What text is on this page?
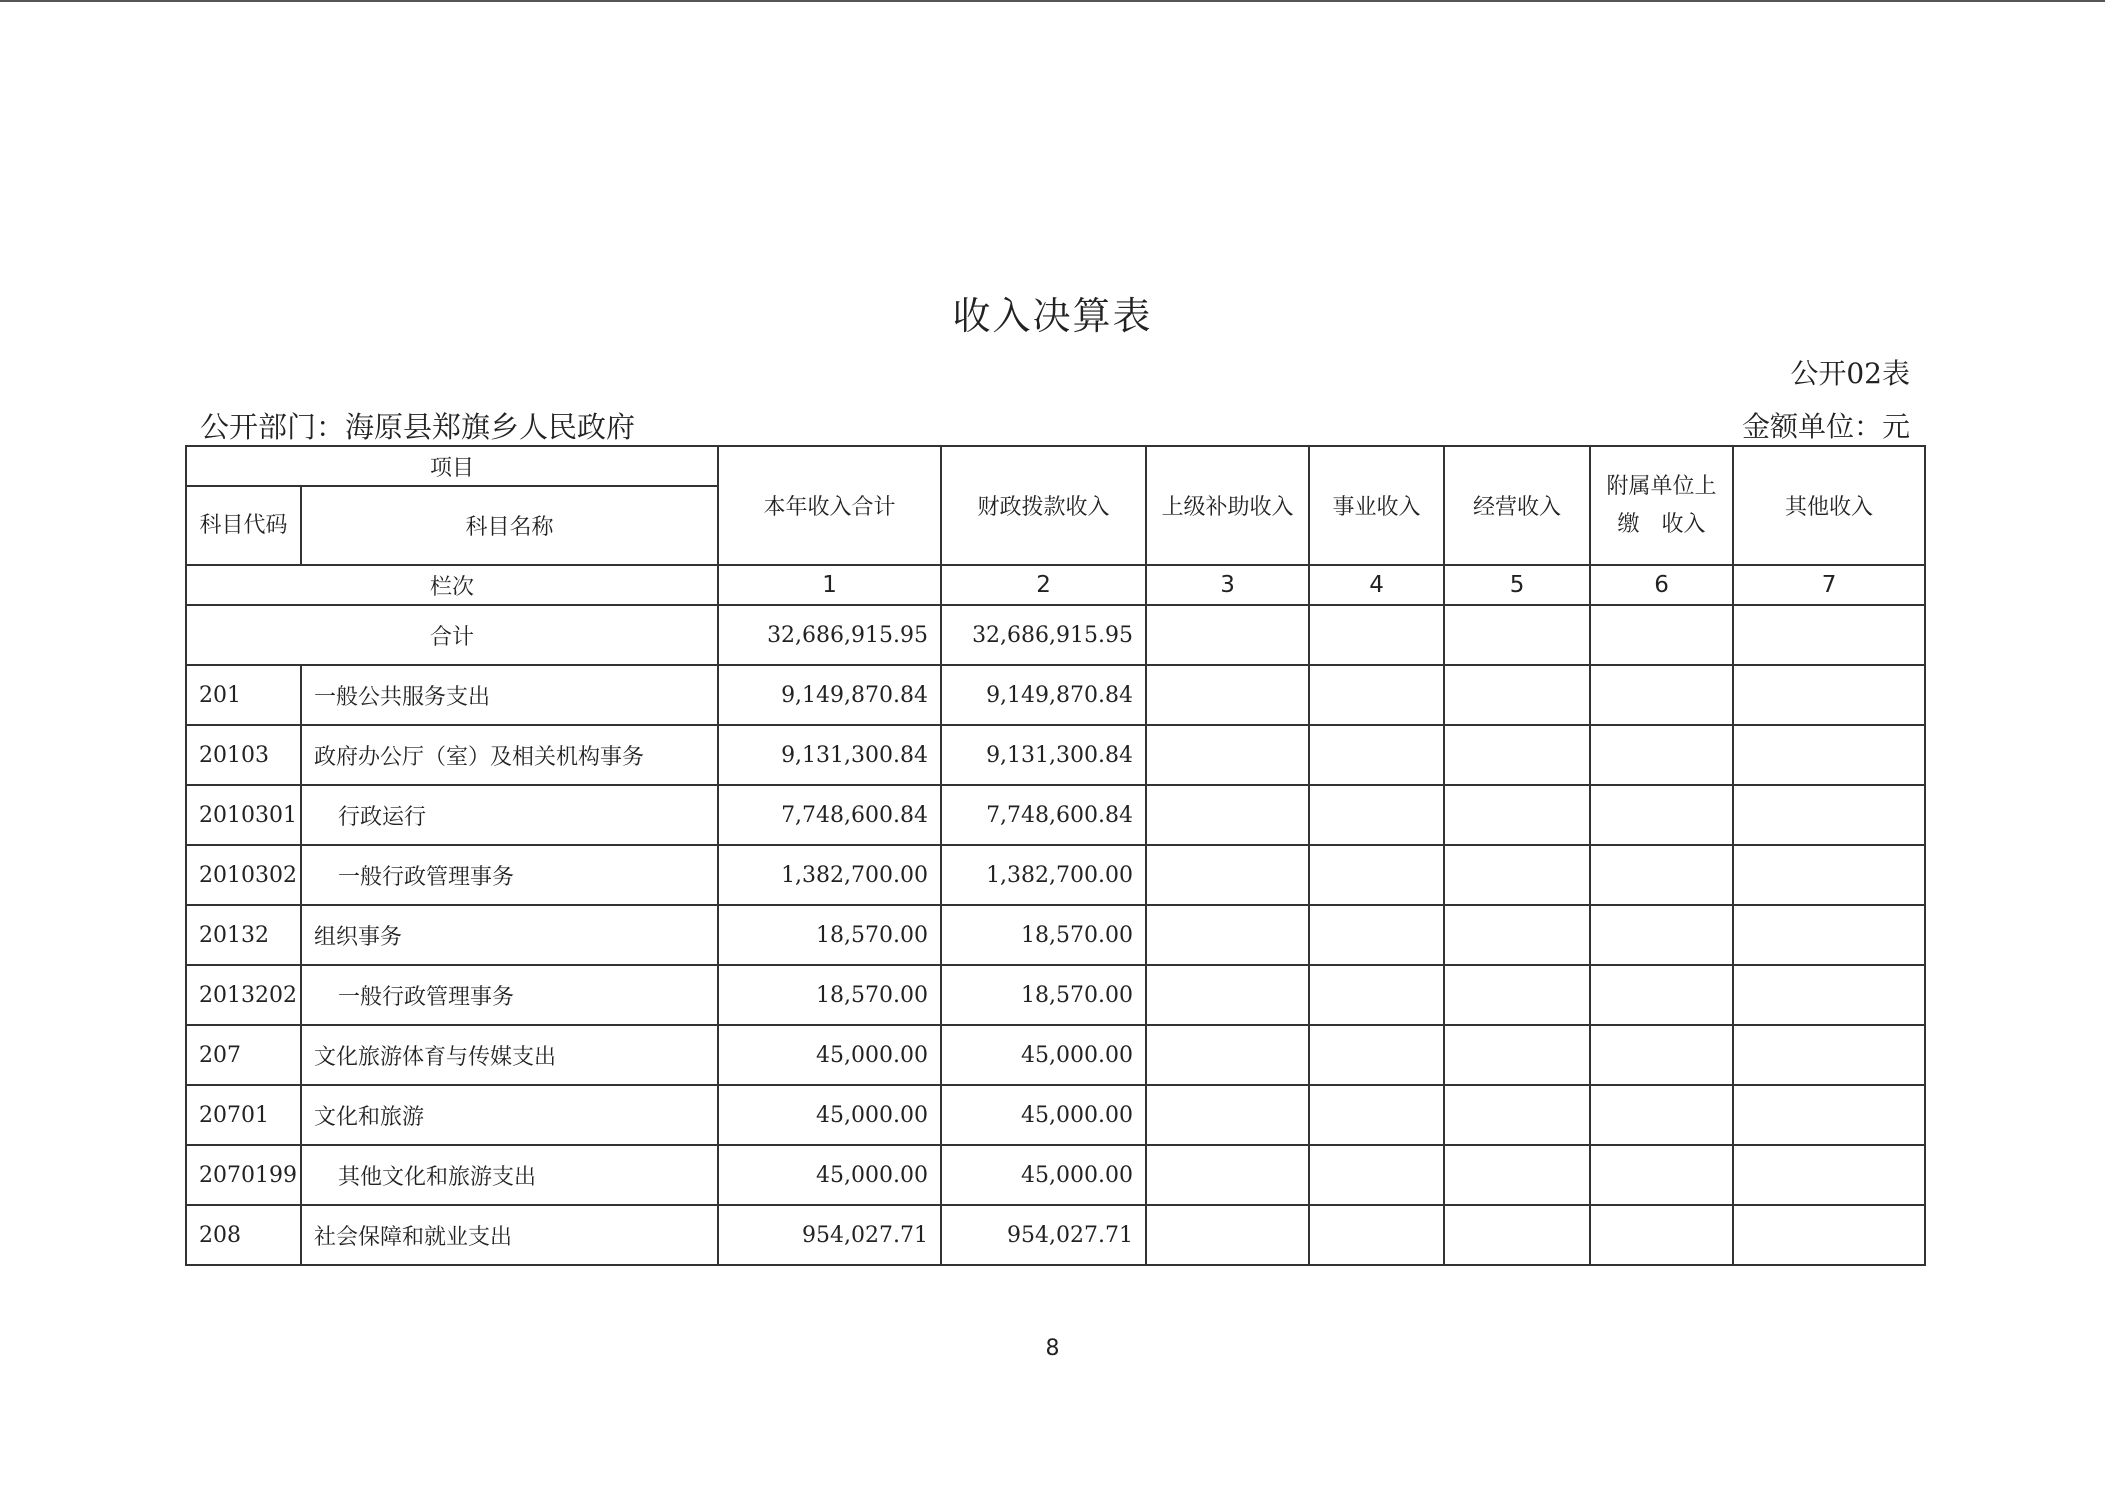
收入决算表
公开02表
公开部门：海原县郑旗乡人民政府	金额单位：元
项目		本年收入合计	财政拨款收入	上级补助收入	事业收入	经营收入	附属单位上缴　收入	其他收入
科目代码	科目名称							
栏次		1	2	3	4	5	6	7
合计		32,686,915.95	32,686,915.95					
201	一般公共服务支出	9,149,870.84	9,149,870.84					
20103	政府办公厅（室）及相关机构事务	9,131,300.84	9,131,300.84					
2010301	行政运行	7,748,600.84	7,748,600.84					
2010302	一般行政管理事务	1,382,700.00	1,382,700.00					
20132	组织事务	18,570.00	18,570.00					
2013202	一般行政管理事务	18,570.00	18,570.00					
207	文化旅游体育与传媒支出	45,000.00	45,000.00					
20701	文化和旅游	45,000.00	45,000.00					
2070199	其他文化和旅游支出	45,000.00	45,000.00					
208	社会保障和就业支出	954,027.71	954,027.71					
8
